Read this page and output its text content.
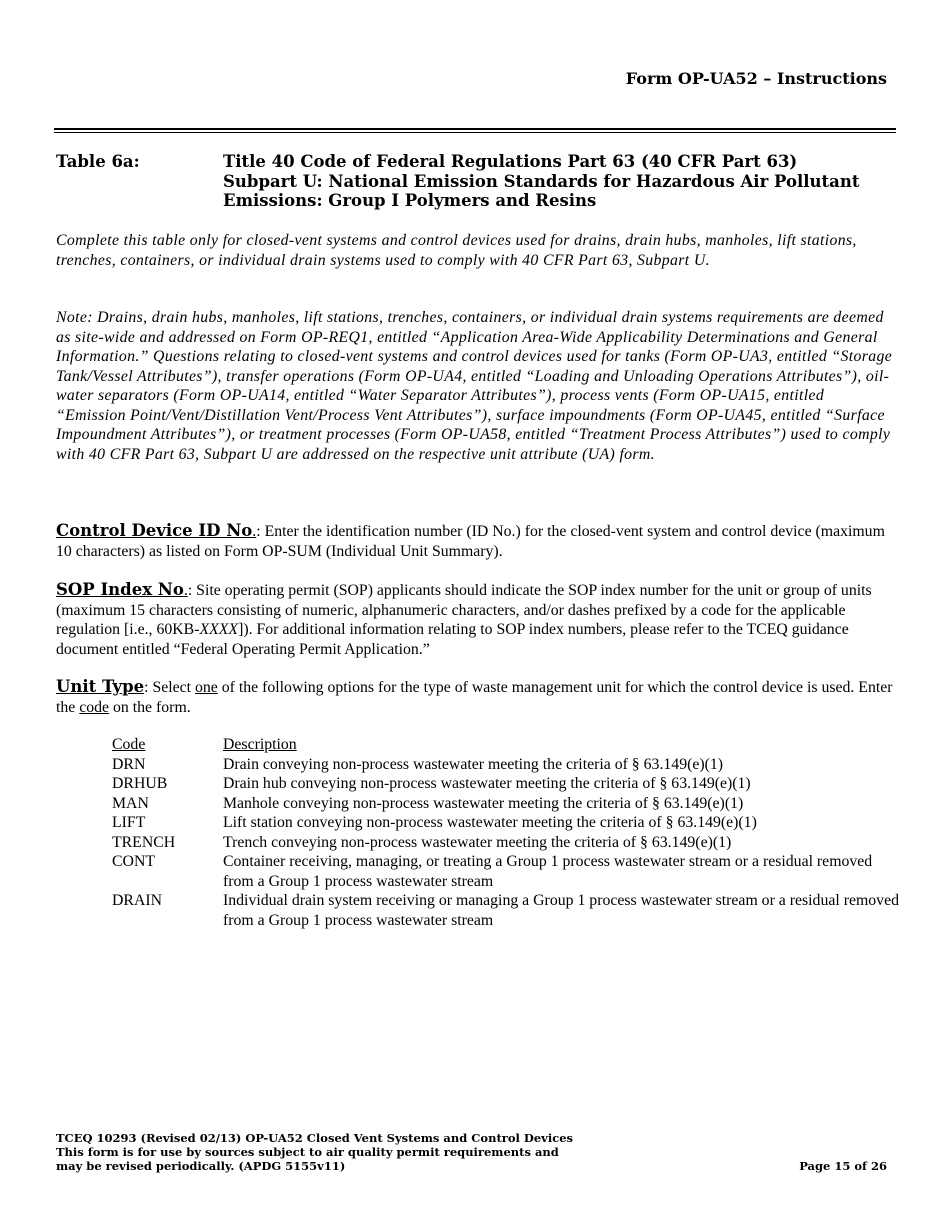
Form OP-UA52 – Instructions
Table 6a:	Title 40 Code of Federal Regulations Part 63 (40 CFR Part 63)
Subpart U: National Emission Standards for Hazardous Air Pollutant
Emissions: Group I Polymers and Resins
Complete this table only for closed-vent systems and control devices used for drains, drain hubs, manholes, lift stations, trenches, containers, or individual drain systems used to comply with 40 CFR Part 63, Subpart U.
Note: Drains, drain hubs, manholes, lift stations, trenches, containers, or individual drain systems requirements are deemed as site-wide and addressed on Form OP-REQ1, entitled “Application Area-Wide Applicability Determinations and General Information.” Questions relating to closed-vent systems and control devices used for tanks (Form OP-UA3, entitled “Storage Tank/Vessel Attributes”), transfer operations (Form OP-UA4, entitled “Loading and Unloading Operations Attributes”), oil-water separators (Form OP-UA14, entitled “Water Separator Attributes”), process vents (Form OP-UA15, entitled “Emission Point/Vent/Distillation Vent/Process Vent Attributes”), surface impoundments (Form OP-UA45, entitled “Surface Impoundment Attributes”), or treatment processes (Form OP-UA58, entitled “Treatment Process Attributes”) used to comply with 40 CFR Part 63, Subpart U are addressed on the respective unit attribute (UA) form.
Control Device ID No.: Enter the identification number (ID No.) for the closed-vent system and control device (maximum 10 characters) as listed on Form OP-SUM (Individual Unit Summary).
SOP Index No.: Site operating permit (SOP) applicants should indicate the SOP index number for the unit or group of units (maximum 15 characters consisting of numeric, alphanumeric characters, and/or dashes prefixed by a code for the applicable regulation [i.e., 60KB-XXXX]). For additional information relating to SOP index numbers, please refer to the TCEQ guidance document entitled “Federal Operating Permit Application.”
Unit Type: Select one of the following options for the type of waste management unit for which the control device is used. Enter the code on the form.
Code	Description
DRN	Drain conveying non-process wastewater meeting the criteria of § 63.149(e)(1)
DRHUB	Drain hub conveying non-process wastewater meeting the criteria of § 63.149(e)(1)
MAN	Manhole conveying non-process wastewater meeting the criteria of § 63.149(e)(1)
LIFT	Lift station conveying non-process wastewater meeting the criteria of § 63.149(e)(1)
TRENCH	Trench conveying non-process wastewater meeting the criteria of § 63.149(e)(1)
CONT	Container receiving, managing, or treating a Group 1 process wastewater stream or a residual removed from a Group 1 process wastewater stream
DRAIN	Individual drain system receiving or managing a Group 1 process wastewater stream or a residual removed from a Group 1 process wastewater stream
TCEQ 10293 (Revised 02/13) OP-UA52 Closed Vent Systems and Control Devices
This form is for use by sources subject to air quality permit requirements and
may be revised periodically. (APDG 5155v11)	Page 15 of 26
